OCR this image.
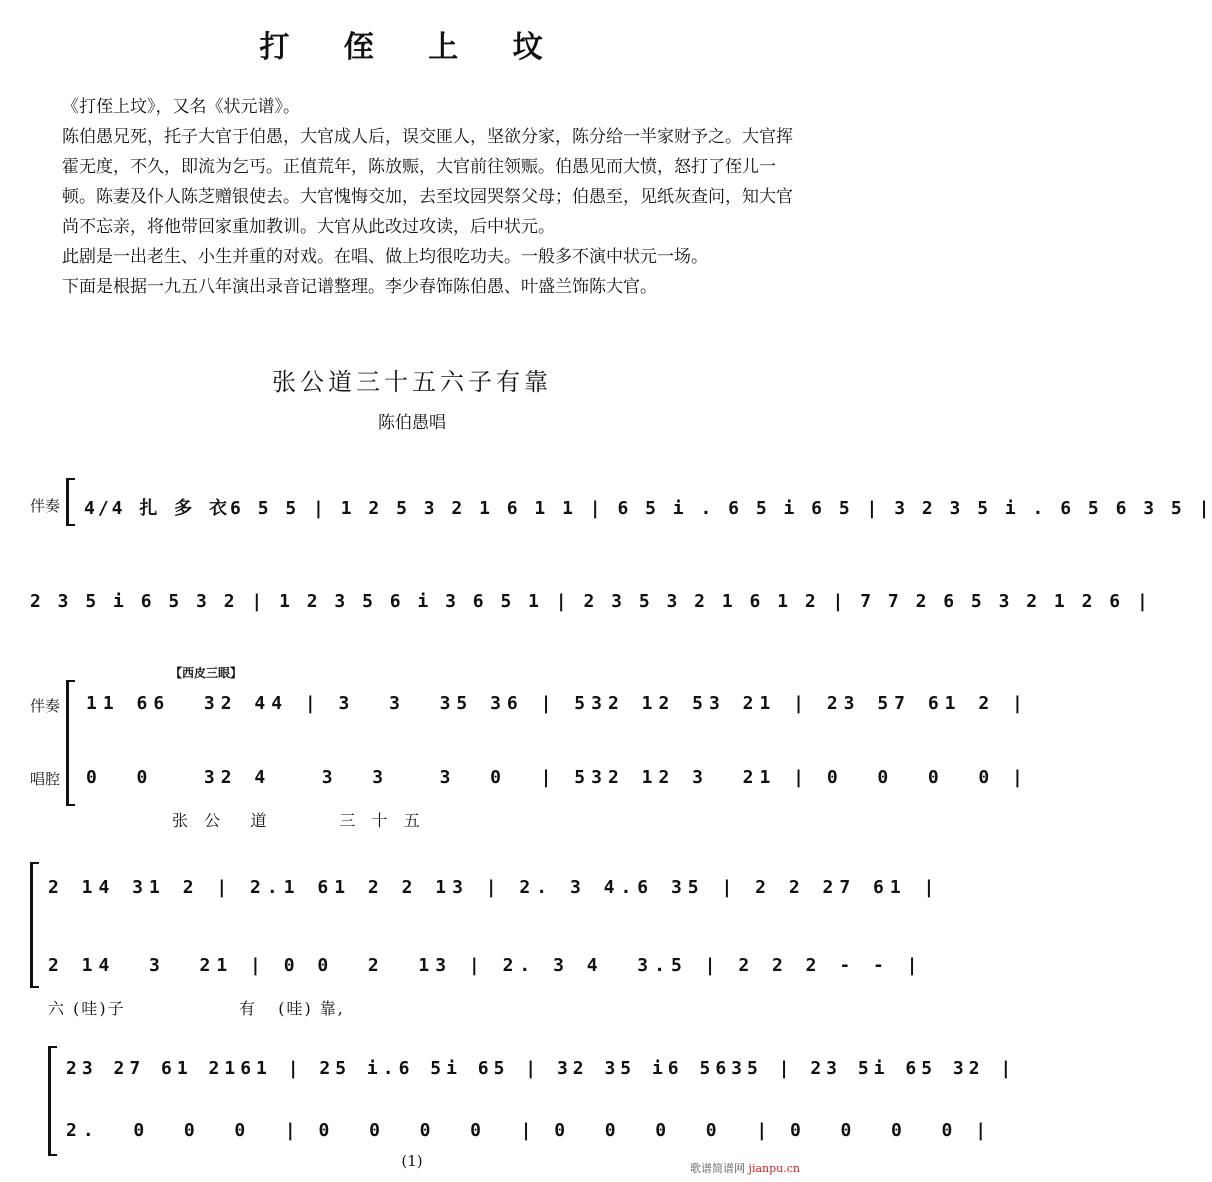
打 侄 上 坟

《打侄上坟》，又名《状元谱》。

陈伯愚兄死，托子大官于伯愚，大官成人后，误交匪人，坚欲分家，陈分给一半家财予之。大官挥霍无度，不久，即流为乞丐。正值荒年，陈放赈，大官前往领赈。伯愚见而大愤，怒打了侄儿一顿。陈妻及仆人陈芝赠银使去。大官愧悔交加，去至坟园哭祭父母；伯愚至，见纸灰查问，知大官尚不忘亲，将他带回家重加教训。大官从此改过攻读，后中状元。

此剧是一出老生、小生并重的对戏。在唱、做上均很吃功夫。一般多不演中状元一场。

下面是根据一九五八年演出录音记谱整理。李少春饰陈伯愚、叶盛兰饰陈大官。

张公道三十五六子有靠
陈伯愚唱
伴奏 4/4 扎 多 衣6 5 5 | 1 2 5 3 2 1 6 1 1 | 6 5 i . 6 5 i 6 5 | 3 2 3 5 i . 6 5 6 3 5 |
2 3 5 i 6 5 3 2 | 1 2 3 5 6 i 3 6 5 1 | 2 3 5 3 2 1 6 1 2 | 7 7 2 6 5 3 2 1 2 6 |
【西皮三眼】
伴奏
唱腔
11 66  32 44 | 3  3  35 36 | 532 12 53 21 | 23 57 61 2 |
0  0   32 4   3  3   3  0  | 532 12 3  21 | 0  0  0  0 |
张  公    道          三  十  五
2 14 31 2 | 2.1 61 2 2 13 | 2. 3 4.6 35 | 2 2 27 61 |
2 14  3  21 | 0 0  2  13 | 2. 3 4  3.5 | 2 2 2 - - |
六 (哇)子                有   (哇) 靠,
23 27 61 2161 | 25 i.6 5i 65 | 32 35 i6 5635 | 23 5i 65 32 |
2.  0  0  0  | 0  0  0  0  | 0  0  0  0  | 0  0  0  0 |
(1)	歌谱简谱网 jianpu.cn
